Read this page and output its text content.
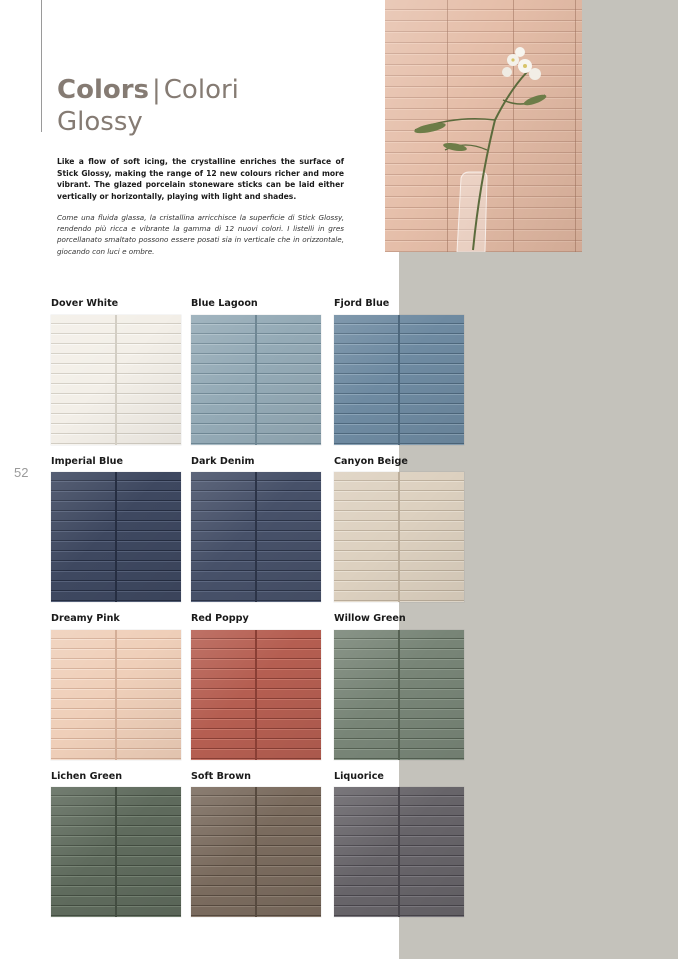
Colors | Colori
Glossy

Like a flow of soft icing, the crystalline enriches the surface of Stick Glossy, making the range of 12 new colours richer and more vibrant. The glazed porcelain stoneware sticks can be laid either vertically or horizontally, playing with light and shades.

Come una fluida glassa, la cristallina arricchisce la superficie di Stick Glossy, rendendo più ricca e vibrante la gamma di 12 nuovi colori. I listelli in gres porcellanato smaltato possono essere posati sia in verticale che in orizzontale, giocando con luci e ombre.

52

Dover White	Blue Lagoon	Fjord Blue

Imperial Blue	Dark Denim	Canyon Beige

Dreamy Pink	Red Poppy	Willow Green

Lichen Green	Soft Brown	Liquorice
